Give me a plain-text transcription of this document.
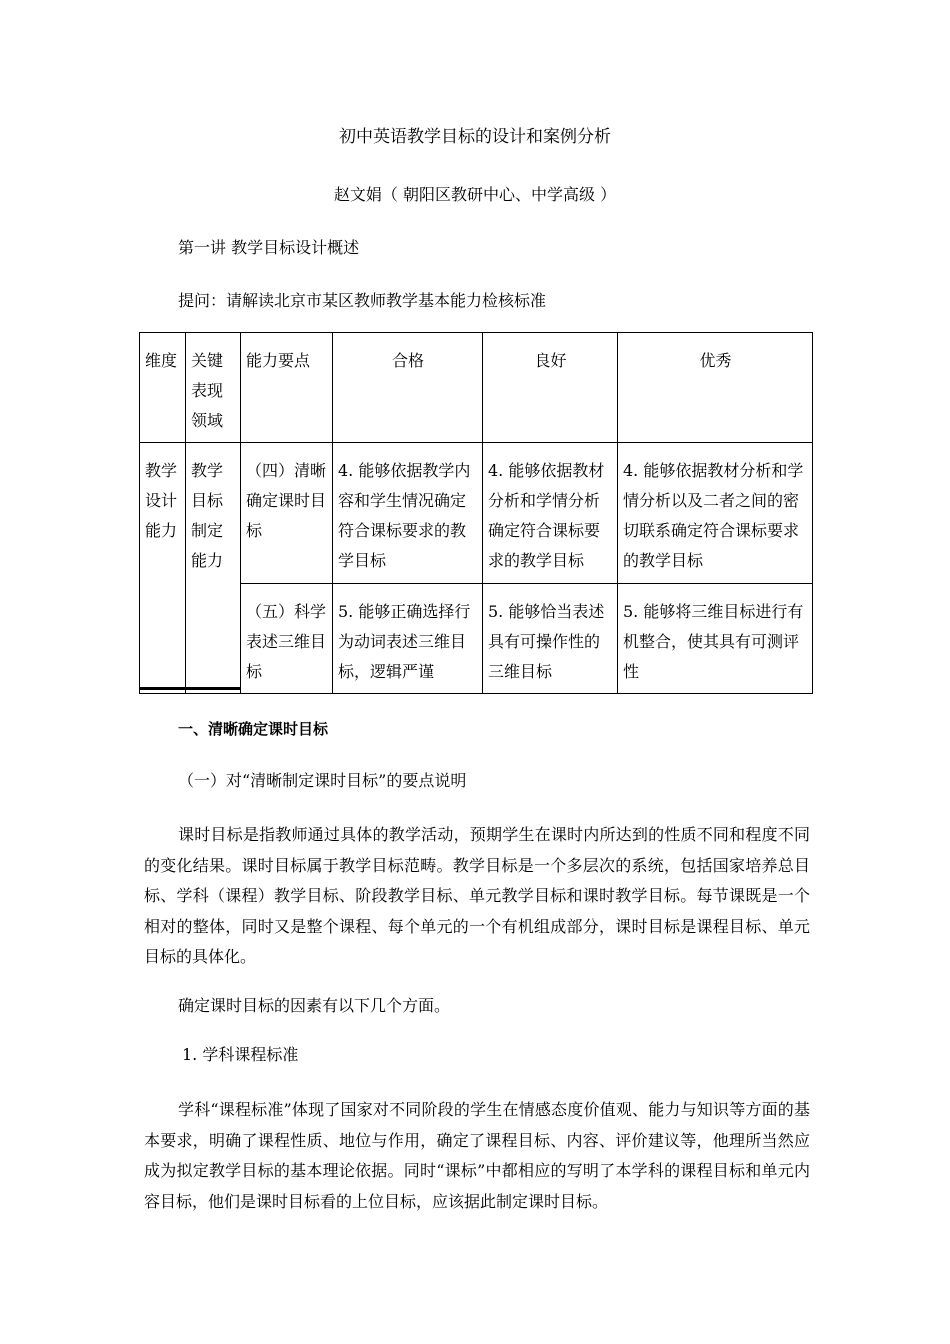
初中英语教学目标的设计和案例分析
赵文娟（ 朝阳区教研中心、中学高级 ）
第一讲 教学目标设计概述
提问：请解读北京市某区教师教学基本能力检核标准
维度	关键表现领域	能力要点	合格	良好	优秀
教学设计能力	教学目标制定能力	（四）清晰确定课时目标	4. 能够依据教学内容和学生情况确定符合课标要求的教学目标	4. 能够依据教材分析和学情分析确定符合课标要求的教学目标	4. 能够依据教材分析和学情分析以及二者之间的密切联系确定符合课标要求的教学目标
		（五）科学表述三维目标	5. 能够正确选择行为动词表述三维目标，逻辑严谨	5. 能够恰当表述具有可操作性的三维目标	5. 能够将三维目标进行有机整合，使其具有可测评性
一、清晰确定课时目标
（一）对“清晰制定课时目标”的要点说明
课时目标是指教师通过具体的教学活动，预期学生在课时内所达到的性质不同和程度不同的变化结果。课时目标属于教学目标范畴。教学目标是一个多层次的系统，包括国家培养总目标、学科（课程）教学目标、阶段教学目标、单元教学目标和课时教学目标。每节课既是一个相对的整体，同时又是整个课程、每个单元的一个有机组成部分，课时目标是课程目标、单元目标的具体化。
确定课时目标的因素有以下几个方面。
1. 学科课程标准
学科“课程标准”体现了国家对不同阶段的学生在情感态度价值观、能力与知识等方面的基本要求，明确了课程性质、地位与作用，确定了课程目标、内容、评价建议等，他理所当然应成为拟定教学目标的基本理论依据。同时“课标”中都相应的写明了本学科的课程目标和单元内容目标，他们是课时目标看的上位目标，应该据此制定课时目标。
